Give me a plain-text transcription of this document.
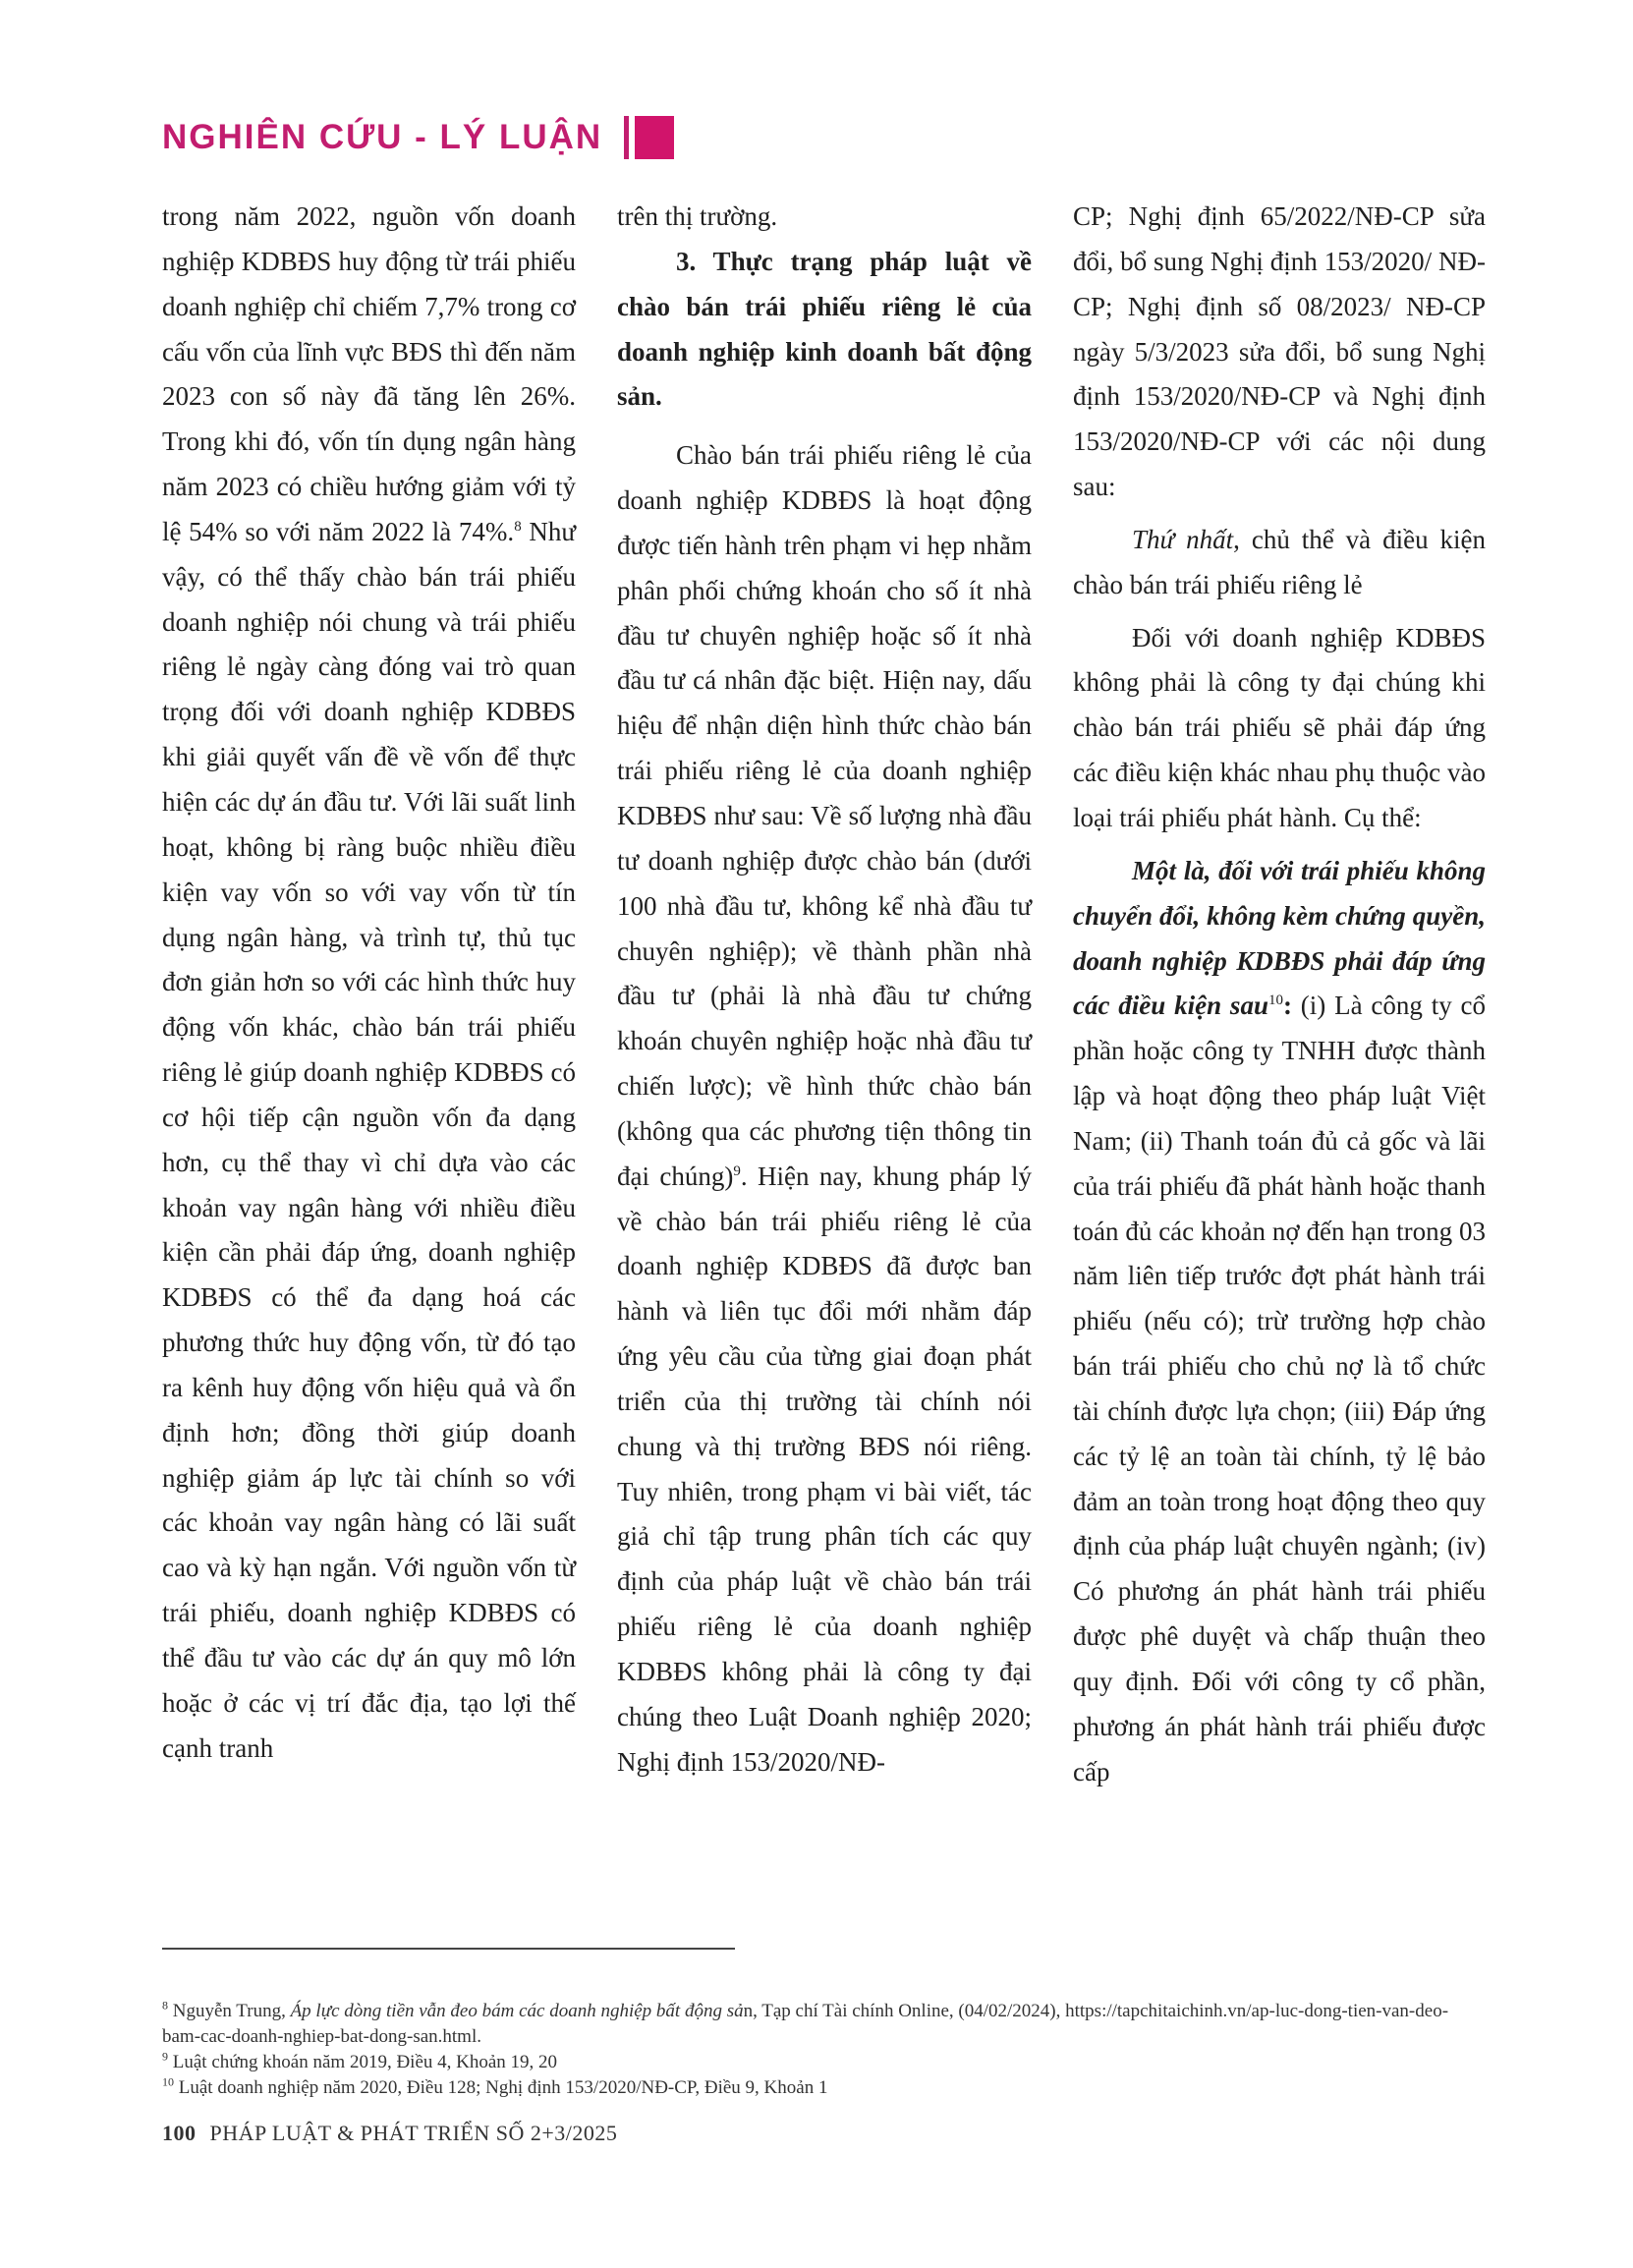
NGHIÊN CỨU - LÝ LUẬN

trong năm 2022, nguồn vốn doanh nghiệp KDBĐS huy động từ trái phiếu doanh nghiệp chỉ chiếm 7,7% trong cơ cấu vốn của lĩnh vực BĐS thì đến năm 2023 con số này đã tăng lên 26%. Trong khi đó, vốn tín dụng ngân hàng năm 2023 có chiều hướng giảm với tỷ lệ 54% so với năm 2022 là 74%.$^8$ Như vậy, có thể thấy chào bán trái phiếu doanh nghiệp nói chung và trái phiếu riêng lẻ ngày càng đóng vai trò quan trọng đối với doanh nghiệp KDBĐS khi giải quyết vấn đề về vốn để thực hiện các dự án đầu tư. Với lãi suất linh hoạt, không bị ràng buộc nhiều điều kiện vay vốn so với vay vốn từ tín dụng ngân hàng, và trình tự, thủ tục đơn giản hơn so với các hình thức huy động vốn khác, chào bán trái phiếu riêng lẻ giúp doanh nghiệp KDBĐS có cơ hội tiếp cận nguồn vốn đa dạng hơn, cụ thể thay vì chỉ dựa vào các khoản vay ngân hàng với nhiều điều kiện cần phải đáp ứng, doanh nghiệp KDBĐS có thể đa dạng hoá các phương thức huy động vốn, từ đó tạo ra kênh huy động vốn hiệu quả và ổn định hơn; đồng thời giúp doanh nghiệp giảm áp lực tài chính so với các khoản vay ngân hàng có lãi suất cao và kỳ hạn ngắn. Với nguồn vốn từ trái phiếu, doanh nghiệp KDBĐS có thể đầu tư vào các dự án quy mô lớn hoặc ở các vị trí đắc địa, tạo lợi thế cạnh tranh

trên thị trường.

3. Thực trạng pháp luật về chào bán trái phiếu riêng lẻ của doanh nghiệp kinh doanh bất động sản.

Chào bán trái phiếu riêng lẻ của doanh nghiệp KDBĐS là hoạt động được tiến hành trên phạm vi hẹp nhằm phân phối chứng khoán cho số ít nhà đầu tư chuyên nghiệp hoặc số ít nhà đầu tư cá nhân đặc biệt. Hiện nay, dấu hiệu để nhận diện hình thức chào bán trái phiếu riêng lẻ của doanh nghiệp KDBĐS như sau: Về số lượng nhà đầu tư doanh nghiệp được chào bán (dưới 100 nhà đầu tư, không kể nhà đầu tư chuyên nghiệp); về thành phần nhà đầu tư (phải là nhà đầu tư chứng khoán chuyên nghiệp hoặc nhà đầu tư chiến lược); về hình thức chào bán (không qua các phương tiện thông tin đại chúng)$^9$. Hiện nay, khung pháp lý về chào bán trái phiếu riêng lẻ của doanh nghiệp KDBĐS đã được ban hành và liên tục đổi mới nhằm đáp ứng yêu cầu của từng giai đoạn phát triển của thị trường tài chính nói chung và thị trường BĐS nói riêng. Tuy nhiên, trong phạm vi bài viết, tác giả chỉ tập trung phân tích các quy định của pháp luật về chào bán trái phiếu riêng lẻ của doanh nghiệp KDBĐS không phải là công ty đại chúng theo Luật Doanh nghiệp 2020; Nghị định 153/2020/NĐ-

CP; Nghị định 65/2022/NĐ-CP sửa đổi, bổ sung Nghị định 153/2020/ NĐ-CP; Nghị định số 08/2023/ NĐ-CP ngày 5/3/2023 sửa đổi, bổ sung Nghị định 153/2020/NĐ-CP và Nghị định 153/2020/NĐ-CP với các nội dung sau:

Thứ nhất, chủ thể và điều kiện chào bán trái phiếu riêng lẻ

Đối với doanh nghiệp KDBĐS không phải là công ty đại chúng khi chào bán trái phiếu sẽ phải đáp ứng các điều kiện khác nhau phụ thuộc vào loại trái phiếu phát hành. Cụ thể:

Một là, đối với trái phiếu không chuyển đổi, không kèm chứng quyền, doanh nghiệp KDBĐS phải đáp ứng các điều kiện sau$^{10}$: (i) Là công ty cổ phần hoặc công ty TNHH được thành lập và hoạt động theo pháp luật Việt Nam; (ii) Thanh toán đủ cả gốc và lãi của trái phiếu đã phát hành hoặc thanh toán đủ các khoản nợ đến hạn trong 03 năm liên tiếp trước đợt phát hành trái phiếu (nếu có); trừ trường hợp chào bán trái phiếu cho chủ nợ là tổ chức tài chính được lựa chọn; (iii) Đáp ứng các tỷ lệ an toàn tài chính, tỷ lệ bảo đảm an toàn trong hoạt động theo quy định của pháp luật chuyên ngành; (iv) Có phương án phát hành trái phiếu được phê duyệt và chấp thuận theo quy định. Đối với công ty cổ phần, phương án phát hành trái phiếu được cấp

$^8$ Nguyễn Trung, Áp lực dòng tiền vẫn đeo bám các doanh nghiệp bất động sản, Tạp chí Tài chính Online, (04/02/2024), https://tapchitaichinh.vn/ap-luc-dong-tien-van-deo-bam-cac-doanh-nghiep-bat-dong-san.html.

$^9$ Luật chứng khoán năm 2019, Điều 4, Khoản 19, 20

$^{10}$ Luật doanh nghiệp năm 2020, Điều 128; Nghị định 153/2020/NĐ-CP, Điều 9, Khoản 1

100 PHÁP LUẬT & PHÁT TRIỂN SỐ 2+3/2025
